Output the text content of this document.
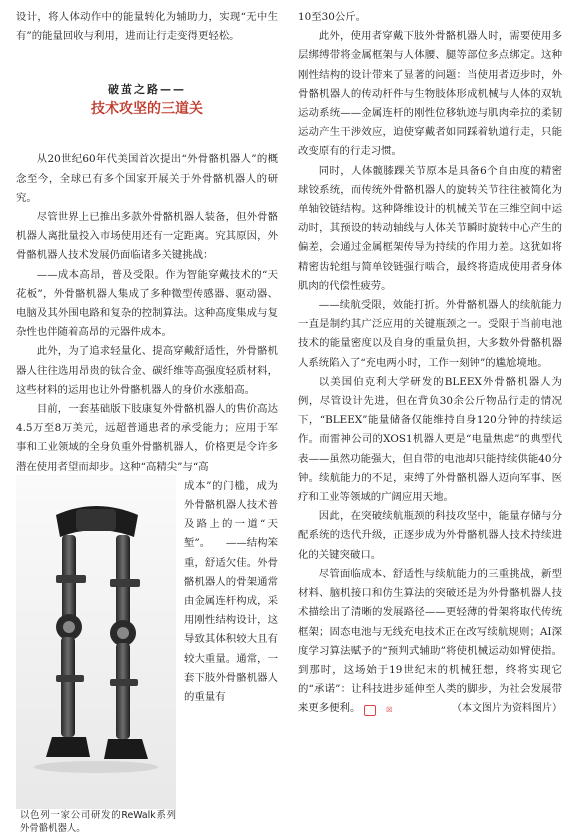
设计，将人体动作中的能量转化为辅助力，实现“无中生有”的能量回收与利用，进而让行走变得更轻松。

破茧之路——
技术攻坚的三道关

从20世纪60年代美国首次提出“外骨骼机器人”的概念至今，全球已有多个国家开展关于外骨骼机器人的研究。

尽管世界上已推出多款外骨骼机器人装备，但外骨骼机器人离批量投入市场使用还有一定距离。究其原因，外骨骼机器人技术发展仍面临诸多关键挑战：

——成本高昂，普及受限。作为智能穿戴技术的“天花板”，外骨骼机器人集成了多种微型传感器、驱动器、电脑及其外围电路和复杂的控制算法。这种高度集成与复杂性也伴随着高昂的元器件成本。

此外，为了追求轻量化、提高穿戴舒适性，外骨骼机器人往往选用昂贵的钛合金、碳纤维等高强度轻质材料，这些材料的运用也让外骨骼机器人的身价水涨船高。

目前，一套基础版下肢康复外骨骼机器人的售价高达4.5万至8万美元，远超普通患者的承受能力；应用于军事和工业领域的全身负重外骨骼机器人，价格更是令许多潜在使用者望而却步。这种“高精尖”与“高

以色列一家公司研发的ReWalk系列外骨骼机器人。

成本”的门槛，成为外骨骼机器人技术普及路上的一道“天堑”。　　——结构笨重，舒适欠佳。外骨骼机器人的骨架通常由金属连杆构成，采用刚性结构设计，这导致其体积较大且有较大重量。通常，一套下肢外骨骼机器人的重量有

10至30公斤。

此外，使用者穿戴下肢外骨骼机器人时，需要使用多层绑缚带将金属框架与人体腰、腿等部位多点绑定。这种刚性结构的设计带来了显著的问题：当使用者迈步时，外骨骼机器人的传动杆件与生物肢体形成机械与人体的双轨运动系统——金属连杆的刚性位移轨迹与肌肉牵拉的柔韧运动产生干涉效应，迫使穿戴者如同踩着轨道行走，只能改变原有的行走习惯。

同时，人体髋膝踝关节原本是具备6个自由度的精密球铰系统，而传统外骨骼机器人的旋转关节往往被简化为单轴铰链结构。这种降维设计的机械关节在三维空间中运动时，其预设的转动轴线与人体关节瞬时旋转中心产生的偏差，会通过金属框架传导为持续的作用力差。这犹如将精密齿轮组与简单铰链强行啮合，最终将造成使用者身体肌肉的代偿性疲劳。

——续航受限，效能打折。外骨骼机器人的续航能力一直是制约其广泛应用的关键瓶颈之一。受限于当前电池技术的能量密度以及自身的重量负担，大多数外骨骼机器人系统陷入了“充电两小时，工作一刻钟”的尴尬境地。

以美国伯克利大学研发的BLEEX外骨骼机器人为例，尽管设计先进，但在背负30余公斤物品行走的情况下，“BLEEX”能量储备仅能维持自身120分钟的持续运作。而雷神公司的XOS1机器人更是“电量焦虑”的典型代表——虽然功能强大，但自带的电池却只能持续供能40分钟。续航能力的不足，束缚了外骨骼机器人迈向军事、医疗和工业等领域的广阔应用天地。

因此，在突破续航瓶颈的科技攻坚中，能量存储与分配系统的迭代升级，正逐步成为外骨骼机器人技术持续进化的关键突破口。

尽管面临成本、舒适性与续航能力的三重挑战，新型材料、脑机接口和仿生算法的突破还是为外骨骼机器人技术描绘出了清晰的发展路径——更轻薄的骨架将取代传统框架；固态电池与无线充电技术正在改写续航规则；AI深度学习算法赋予的“预判式辅助”将使机械运动如臂使指。到那时，这场始于19世纪末的机械狂想，终将实现它的“承诺”：让科技进步延伸至人类的脚步，为社会发展带来更多便利。	☒	（本文图片为资料图片）
